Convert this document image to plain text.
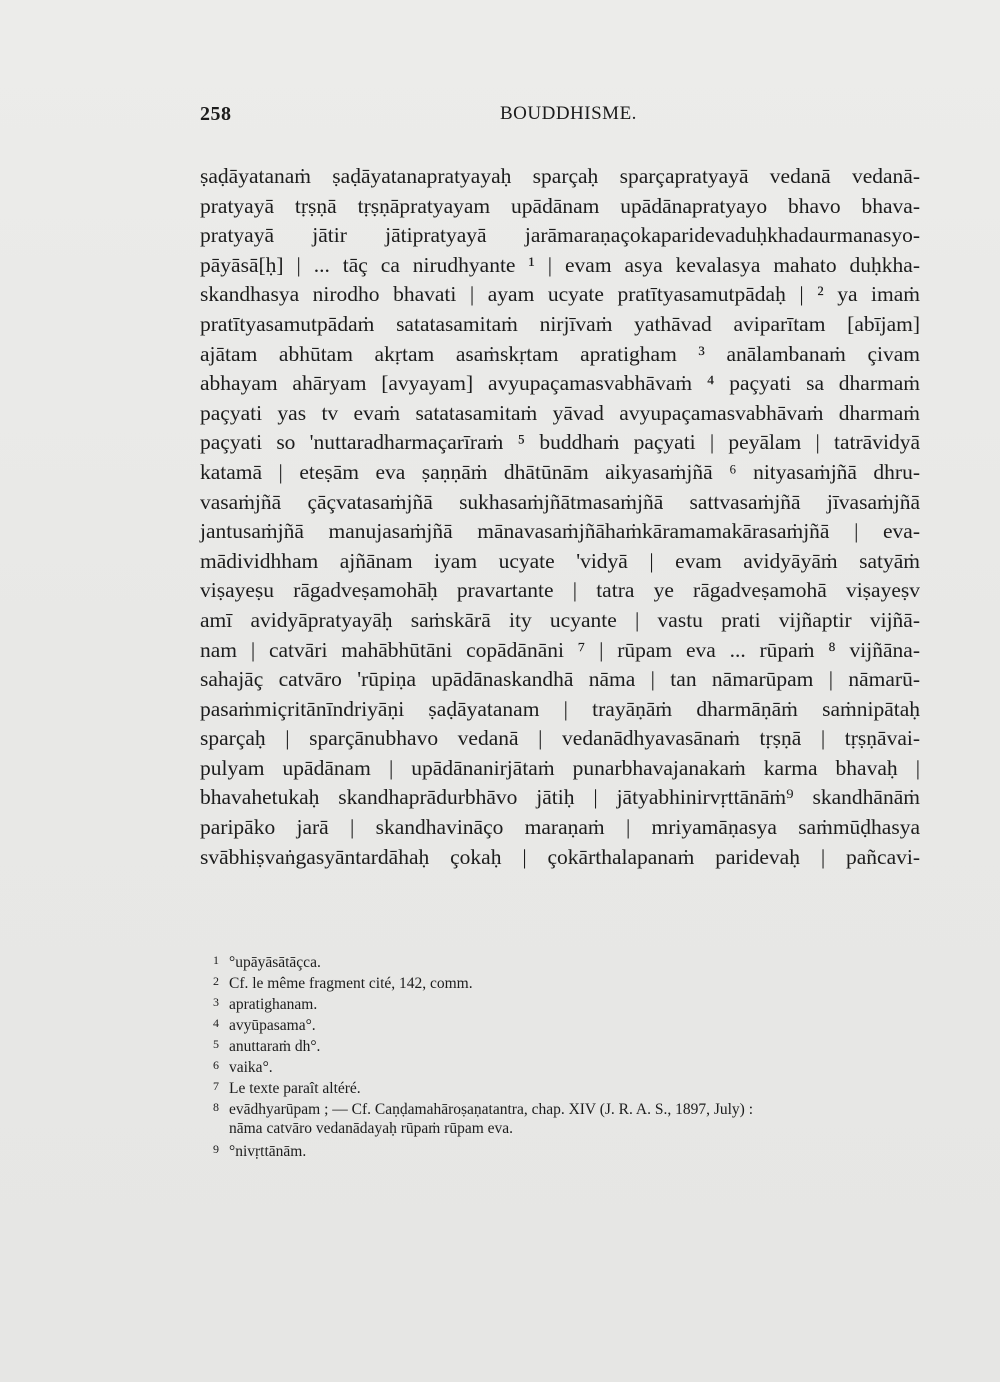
258	BOUDDHISME.
ṣaḍāyatanaṁ ṣaḍāyatanapratyayaḥ sparçaḥ sparçapratyayā vedanā vedanā-
pratyayā tṛṣṇā tṛṣṇāpratyayam upādānam upādānapratyayo bhavo bhava-
pratyayā jātir jātipratyayā jarāmaraṇaçokaparidevaduḥkhadaurmanasyo-
pāyāsā[ḥ] | ... tāç ca nirudhyante ¹ | evam asya kevalasya mahato duḥkha-
skandhasya nirodho bhavati | ayam ucyate pratītyasamutpādaḥ | ² ya imaṁ
pratītyasamutpādaṁ satatasamitaṁ nirjīvaṁ yathāvad aviparītam [abījam]
ajātam abhūtam akṛtam asaṁskṛtam apratigham ³ anālambanaṁ çivam
abhayam ahāryam [avyayam] avyupaçamasvabhāvaṁ ⁴ paçyati sa dharmaṁ
paçyati yas tv evaṁ satatasamitaṁ yāvad avyupaçamasvabhāvaṁ dharmaṁ
paçyati so 'nuttaradharmaçarīraṁ ⁵ buddhaṁ paçyati | peyālam | tatrāvidyā
katamā | eteṣām eva ṣaṇṇāṁ dhātūnām aikyasaṁjñā ⁶ nityasaṁjñā dhru-
vasaṁjñā çāçvatasaṁjñā sukhasaṁjñātmasaṁjñā sattvasaṁjñā jīvasaṁjñā
jantusaṁjñā manujasaṁjñā mānavasaṁjñāhaṁkāramamakārasaṁjñā | eva-
mādividhham ajñānam iyam ucyate 'vidyā | evam avidyāyāṁ satyāṁ
viṣayeṣu rāgadveṣamohāḥ pravartante | tatra ye rāgadveṣamohā viṣayeṣv
amī avidyāpratyayāḥ saṁskārā ity ucyante | vastu prati vijñaptir vijñā-
nam | catvāri mahābhūtāni copādānāni ⁷ | rūpam eva ... rūpaṁ ⁸ vijñāna-
sahajāç catvāro 'rūpiṇa upādānaskandhā nāma | tan nāmarūpam | nāmarū-
pasaṁmiçritānīndriyāṇi ṣaḍāyatanam | trayāṇāṁ dharmāṇāṁ saṁnipātaḥ
sparçaḥ | sparçānubhavo vedanā | vedanādhyavasānaṁ tṛṣṇā | tṛṣṇāvai-
pulyam upādānam | upādānanirjātaṁ punarbhavajanakaṁ karma bhavaḥ |
bhavahetukaḥ skandhaprādurbhāvo jātiḥ | jātyabhinirvṛttānāṁ⁹ skandhānāṁ
paripāko jarā | skandhavināço maraṇaṁ | mriyamāṇasya saṁmūḍhasya
svābhiṣvaṅgasyāntardāhaḥ çokaḥ | çokārthalapanaṁ paridevaḥ | pañcavi-
1 °upāyāsātāçca.
2 Cf. le même fragment cité, 142, comm.
3 apratighanam.
4 avyūpasama°.
5 anuttaraṁ dh°.
6 vaika°.
7 Le texte paraît altéré.
8 evādhyarūpam ; — Cf. Caṇḍamahāroṣaṇatantra, chap. XIV (J. R. A. S., 1897, July) :
nāma catvāro vedanādayaḥ rūpaṁ rūpam eva.
9 °nivṛttānām.
